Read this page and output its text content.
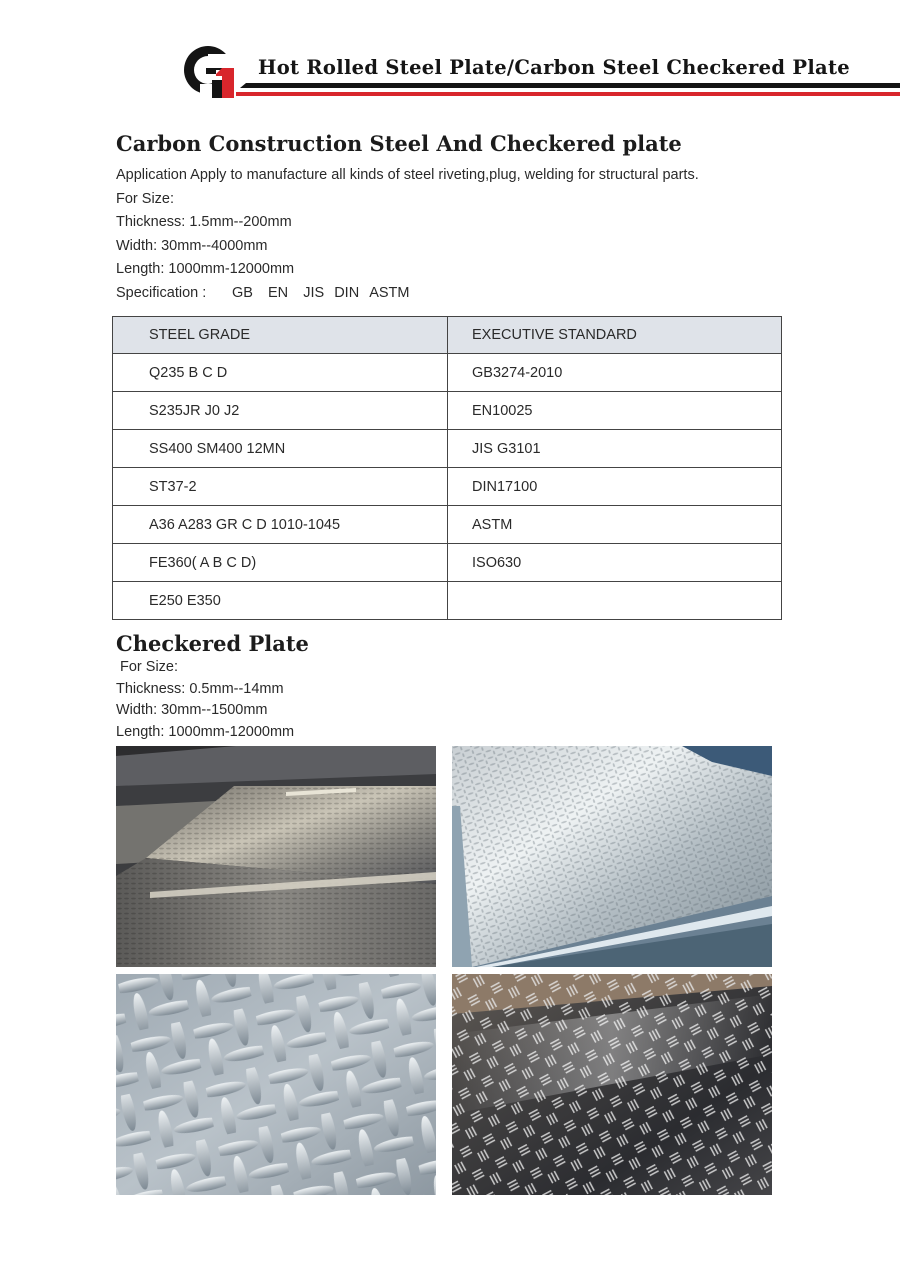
Hot Rolled Steel Plate/Carbon Steel Checkered Plate
Carbon Construction Steel And Checkered plate
Application Apply to manufacture all kinds of steel riveting,plug, welding for structural parts.
For Size:
Thickness: 1.5mm--200mm
Width: 30mm--4000mm
Length: 1000mm-12000mm
Specification : GB EN JIS DIN ASTM
STEEL GRADE	EXECUTIVE STANDARD
Q235 B C D	GB3274-2010
S235JR J0 J2	EN10025
SS400 SM400 12MN	JIS G3101
ST37-2	DIN17100
A36 A283 GR C D 1010-1045	ASTM
FE360( A B C D)	ISO630
E250 E350	
Checkered Plate
For Size:
Thickness: 0.5mm--14mm
Width: 30mm--1500mm
Length: 1000mm-12000mm
